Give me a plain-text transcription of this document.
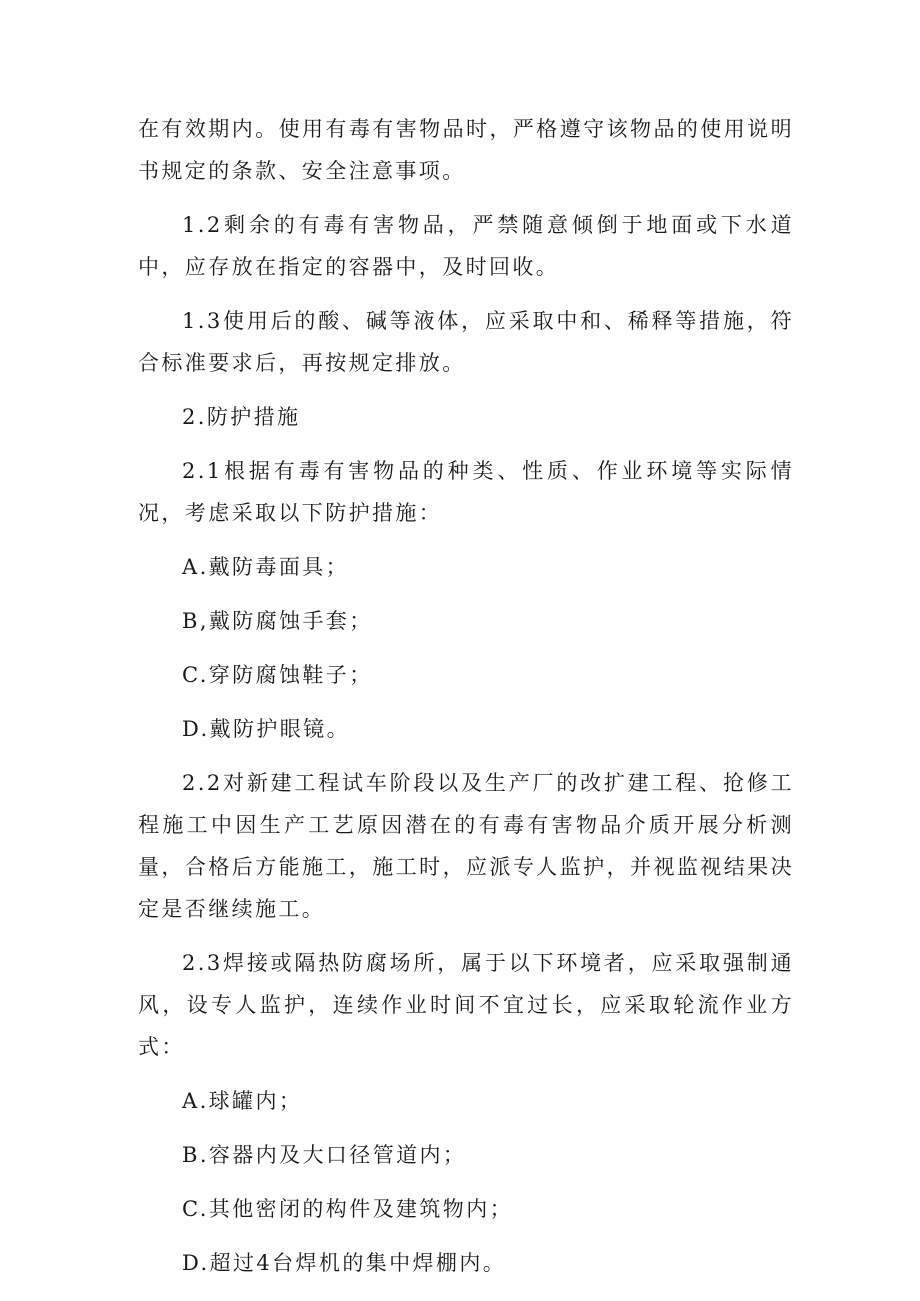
在有效期内。使用有毒有害物品时，严格遵守该物品的使用说明书规定的条款、安全注意事项。

1.2剩余的有毒有害物品，严禁随意倾倒于地面或下水道中，应存放在指定的容器中，及时回收。

1.3使用后的酸、碱等液体，应采取中和、稀释等措施，符合标准要求后，再按规定排放。

2.防护措施

2.1根据有毒有害物品的种类、性质、作业环境等实际情况，考虑采取以下防护措施：

A.戴防毒面具；

B,戴防腐蚀手套；

C.穿防腐蚀鞋子；

D.戴防护眼镜。

2.2对新建工程试车阶段以及生产厂的改扩建工程、抢修工程施工中因生产工艺原因潜在的有毒有害物品介质开展分析测量，合格后方能施工，施工时，应派专人监护，并视监视结果决定是否继续施工。

2.3焊接或隔热防腐场所，属于以下环境者，应采取强制通风，设专人监护，连续作业时间不宜过长，应采取轮流作业方式：

A.球罐内；

B.容器内及大口径管道内；

C.其他密闭的构件及建筑物内；

D.超过4台焊机的集中焊棚内。
